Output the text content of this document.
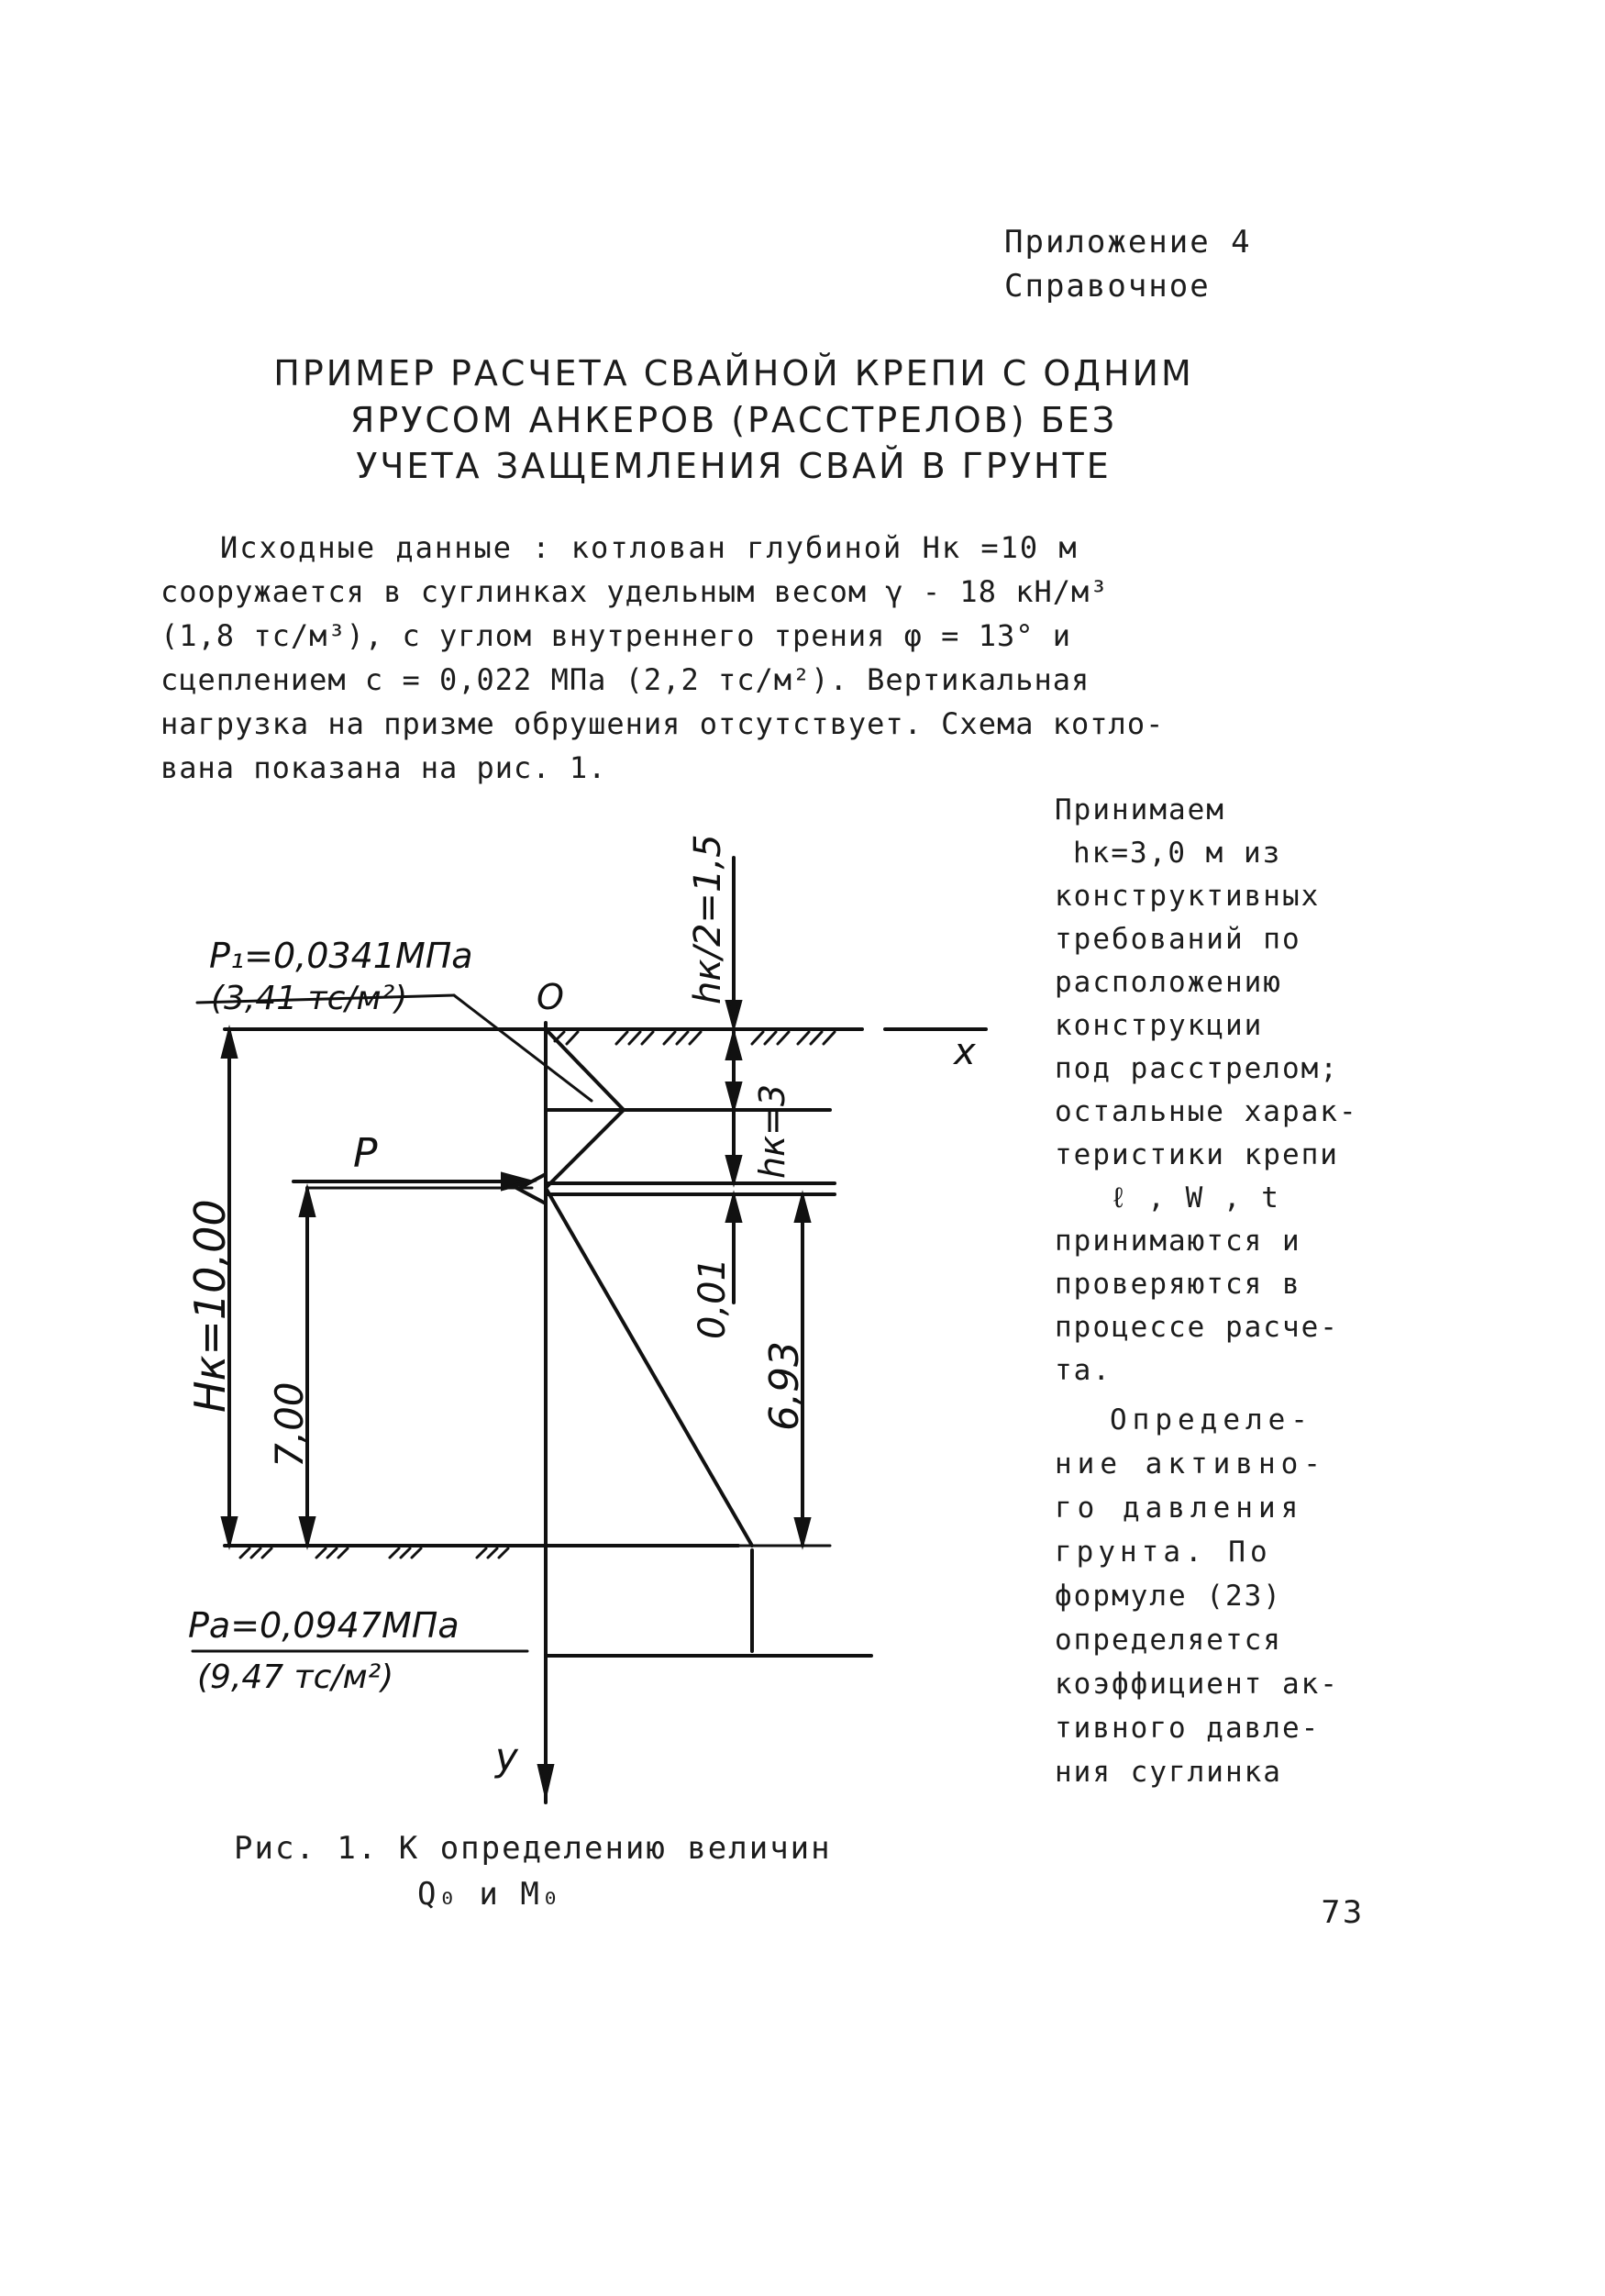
Приложение 4
Справочное
ПРИМЕР РАСЧЕТА СВАЙНОЙ КРЕПИ С ОДНИМ
ЯРУСОМ АНКЕРОВ (РАССТРЕЛОВ) БЕЗ
УЧЕТА ЗАЩЕМЛЕНИЯ СВАЙ В ГРУНТЕ
Исходные данные : котлован глубиной Hк =10 м
сооружается в суглинках удельным весом γ - 18 кН/м³
(1,8 тс/м³), с углом внутреннего трения φ = 13° и
сцеплением c = 0,022 МПа (2,2 тс/м²). Вертикальная
нагрузка на призме обрушения отсутствует. Схема котло-
вана показана на рис. 1.
Принимаем
hк=3,0 м из
конструктивных
требований по
расположению
конструкции
под расстрелом;
остальные харак-
теристики крепи
ℓ , W , t
принимаются и
проверяются в
процессе расче-
та.
Определе-
ние активно-
го давления
грунта. По
формуле (23)
определяется
коэффициент ак-
тивного давле-
ния суглинка
P₁=0,0341МПа
(3,41 тс/м²)	O
x
y
P
hк/2=1,5
hк=3
Hк=10,00
7,00
0,01
6,93
Pa=0,0947МПа
(9,47 тс/м²)
Рис. 1. К определению величин
Q₀ и M₀	73
